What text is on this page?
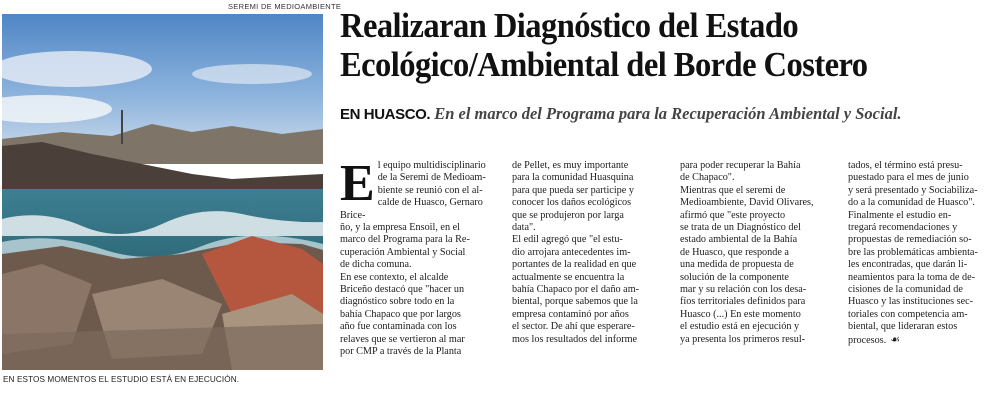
SEREMI DE MEDIOAMBIENTE
EN ESTOS MOMENTOS EL ESTUDIO ESTÁ EN EJECUCIÓN.
Realizaran Diagnóstico del Estado
Ecológico/Ambiental del Borde Costero
EN HUASCO. En el marco del Programa para la Recuperación Ambiental y Social.
E l equipo multidisciplinario
de la Seremi de Medioam-
biente se reunió con el al-
calde de Huasco, Gernaro Brice-
ño, y la empresa Ensoil, en el
marco del Programa para la Re-
cuperación Ambiental y Social
de dicha comuna.

En ese contexto, el alcalde
Briceño destacó que "hacer un
diagnóstico sobre todo en la
bahía Chapaco que por largos
año fue contaminada con los
relaves que se vertieron al mar
por CMP a través de la Planta

de Pellet, es muy importante
para la comunidad Huasquina
para que pueda ser participe y
conocer los daños ecológicos
que se produjeron por larga
data".

El edil agregó que "el estu-
dio arrojara antecedentes im-
portantes de la realidad en que
actualmente se encuentra la
bahía Chapaco por el daño am-
biental, porque sabemos que la
empresa contaminó por años
el sector. De ahí que esperare-
mos los resultados del informe

para poder recuperar la Bahía
de Chapaco".

Mientras que el seremi de
Medioambiente, David Olivares,
afirmó que "este proyecto
se trata de un Diagnóstico del
estado ambiental de la Bahía
de Huasco, que responde a
una medida de propuesta de
solución de la componente
mar y su relación con los desa-
fíos territoriales definidos para
Huasco (...) En este momento
el estudio está en ejecución y
ya presenta los primeros resul-

tados, el término está presu-
puestado para el mes de junio
y será presentado y Sociabiliza-
do a la comunidad de Huasco".

Finalmente el estudio en-
tregará recomendaciones y
propuestas de remediación so-
bre las problemáticas ambienta-
les encontradas, que darán li-
neamientos para la toma de de-
cisiones de la comunidad de
Huasco y las instituciones sec-
toriales con competencia am-
biental, que lideraran estos
procesos. ☙
